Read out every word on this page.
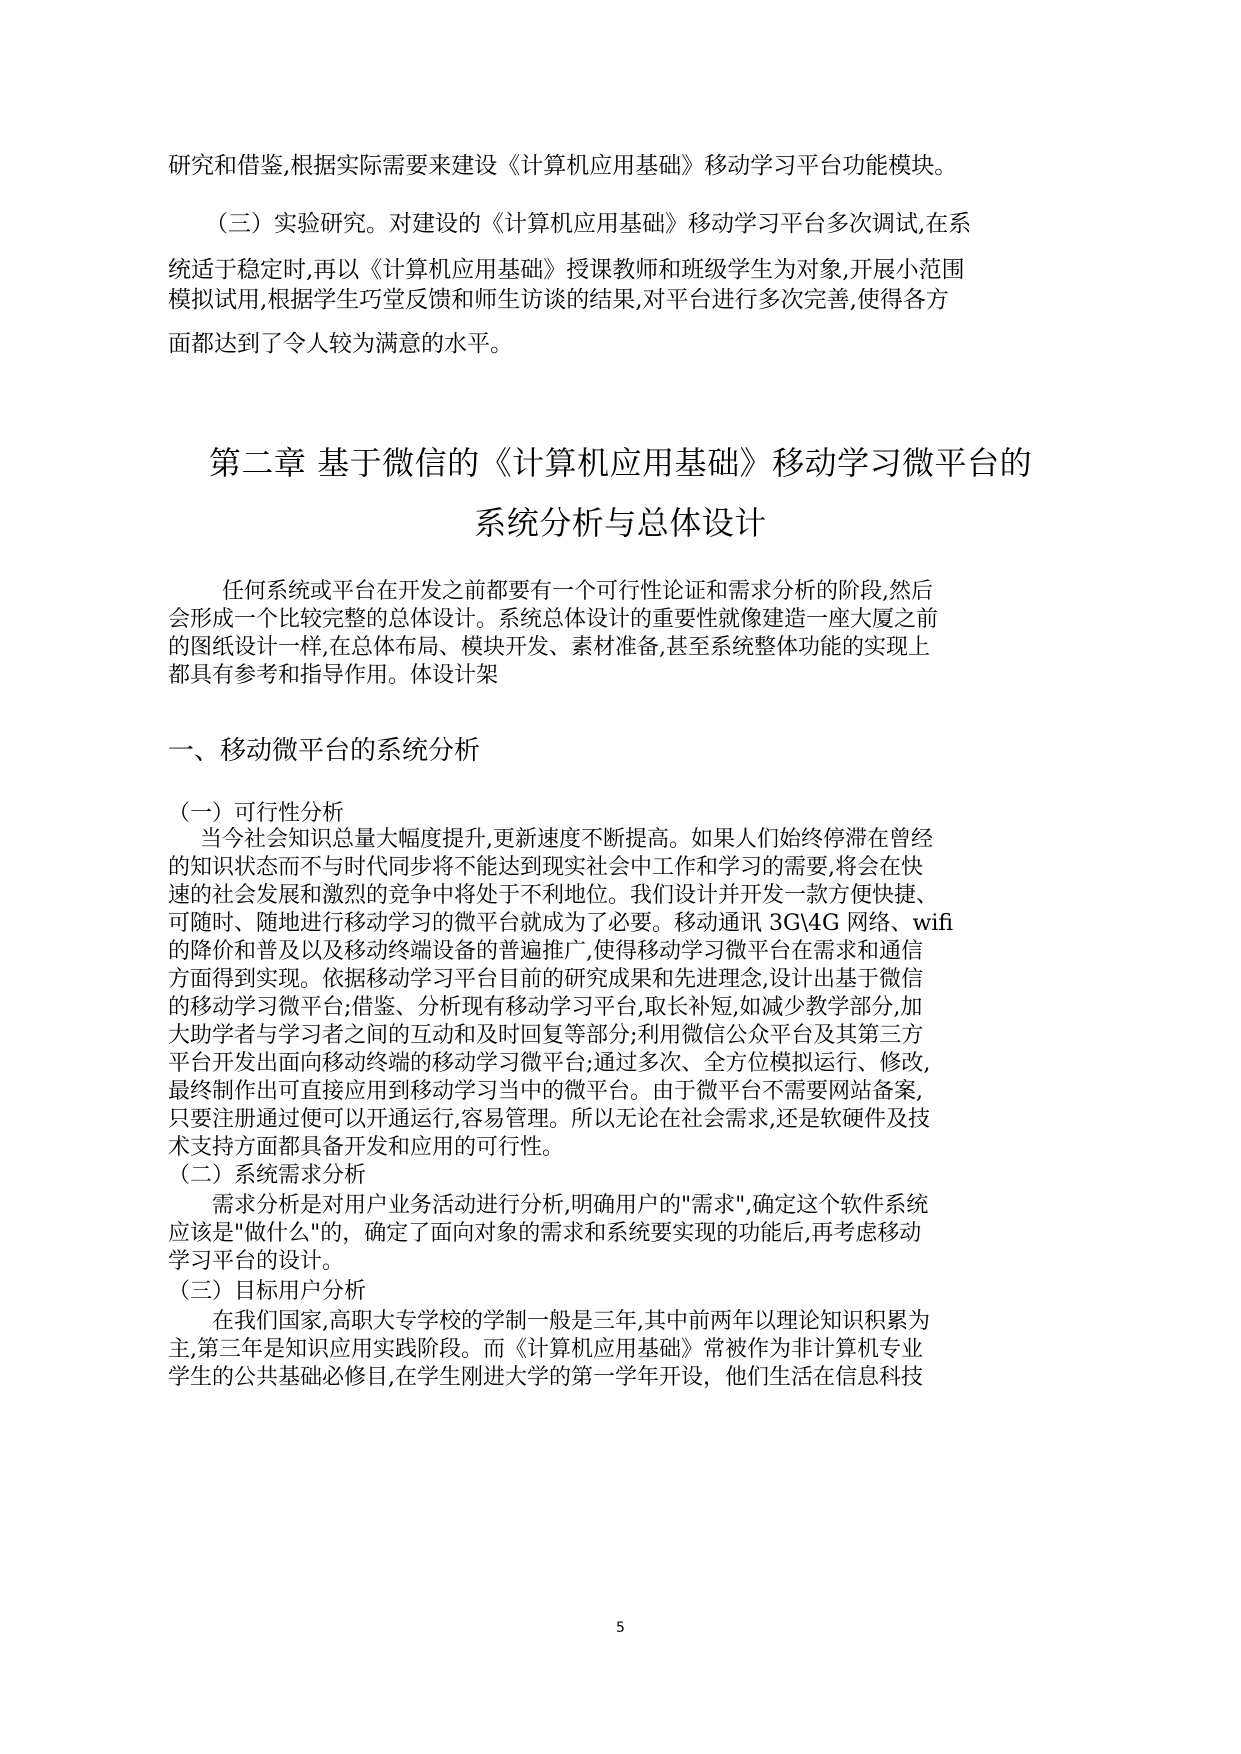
研究和借鉴,根据实际需要来建设《计算机应用基础》移动学习平台功能模块。
（三）实验研究。对建设的《计算机应用基础》移动学习平台多次调试,在系
统适于稳定时,再以《计算机应用基础》授课教师和班级学生为对象,开展小范围
模拟试用,根据学生巧堂反馈和师生访谈的结果,对平台进行多次完善,使得各方
面都达到了令人较为满意的水平。
第二章 基于微信的《计算机应用基础》移动学习微平台的
系统分析与总体设计
任何系统或平台在开发之前都要有一个可行性论证和需求分析的阶段,然后
会形成一个比较完整的总体设计。系统总体设计的重要性就像建造一座大厦之前
的图纸设计一样,在总体布局、模块开发、素材准备,甚至系统整体功能的实现上
都具有参考和指导作用。体设计架
一、移动微平台的系统分析
（一）可行性分析
当今社会知识总量大幅度提升,更新速度不断提高。如果人们始终停滞在曾经
的知识状态而不与时代同步将不能达到现实社会中工作和学习的需要,将会在快
速的社会发展和激烈的竞争中将处于不利地位。我们设计并开发一款方便快捷、
可随时、随地进行移动学习的微平台就成为了必要。移动通讯 3G\4G 网络、wifi
的降价和普及以及移动终端设备的普遍推广,使得移动学习微平台在需求和通信
方面得到实现。依据移动学习平台目前的研究成果和先进理念,设计出基于微信
的移动学习微平台;借鉴、分析现有移动学习平台,取长补短,如减少教学部分,加
大助学者与学习者之间的互动和及时回复等部分;利用微信公众平台及其第三方
平台开发出面向移动终端的移动学习微平台;通过多次、全方位模拟运行、修改,
最终制作出可直接应用到移动学习当中的微平台。由于微平台不需要网站备案,
只要注册通过便可以开通运行,容易管理。所以无论在社会需求,还是软硬件及技
术支持方面都具备开发和应用的可行性。
（二）系统需求分析
需求分析是对用户业务活动进行分析,明确用户的"需求",确定这个软件系统
应该是"做什么"的，确定了面向对象的需求和系统要实现的功能后,再考虑移动
学习平台的设计。
（三）目标用户分析
在我们国家,高职大专学校的学制一般是三年,其中前两年以理论知识积累为
主,第三年是知识应用实践阶段。而《计算机应用基础》常被作为非计算机专业
学生的公共基础必修目,在学生刚进大学的第一学年开设，他们生活在信息科技
5
